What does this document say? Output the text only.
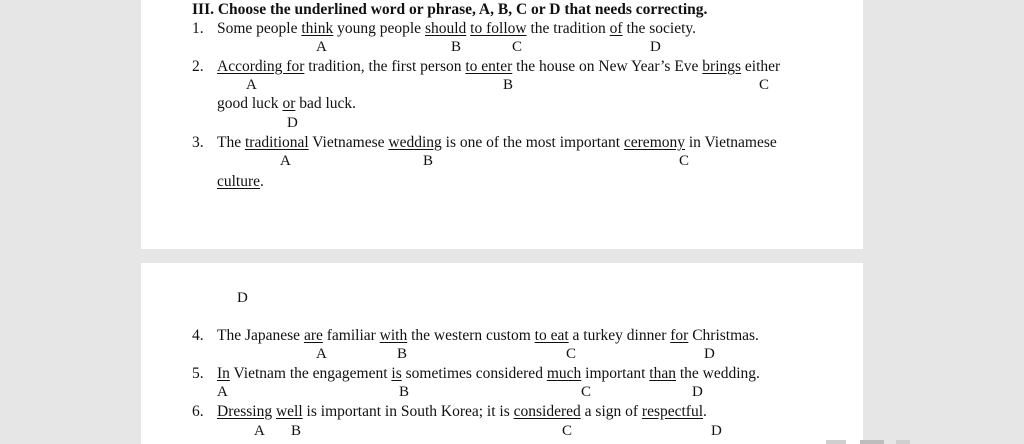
III. Choose the underlined word or phrase, A, B, C or D that needs correcting.
1. Some people think young people should to follow the tradition of the society.
A	B	C	D
2. According for tradition, the first person to enter the house on New Year’s Eve brings either
A	B	C
good luck or bad luck.
D
3. The traditional Vietnamese wedding is one of the most important ceremony in Vietnamese
A	B	C
culture.
D
4. The Japanese are familiar with the western custom to eat a turkey dinner for Christmas.
A	B	C	D
5. In Vietnam the engagement is sometimes considered much important than the wedding.
A	B	C	D
6. Dressing well is important in South Korea; it is considered a sign of respectful.
A B	C	D
